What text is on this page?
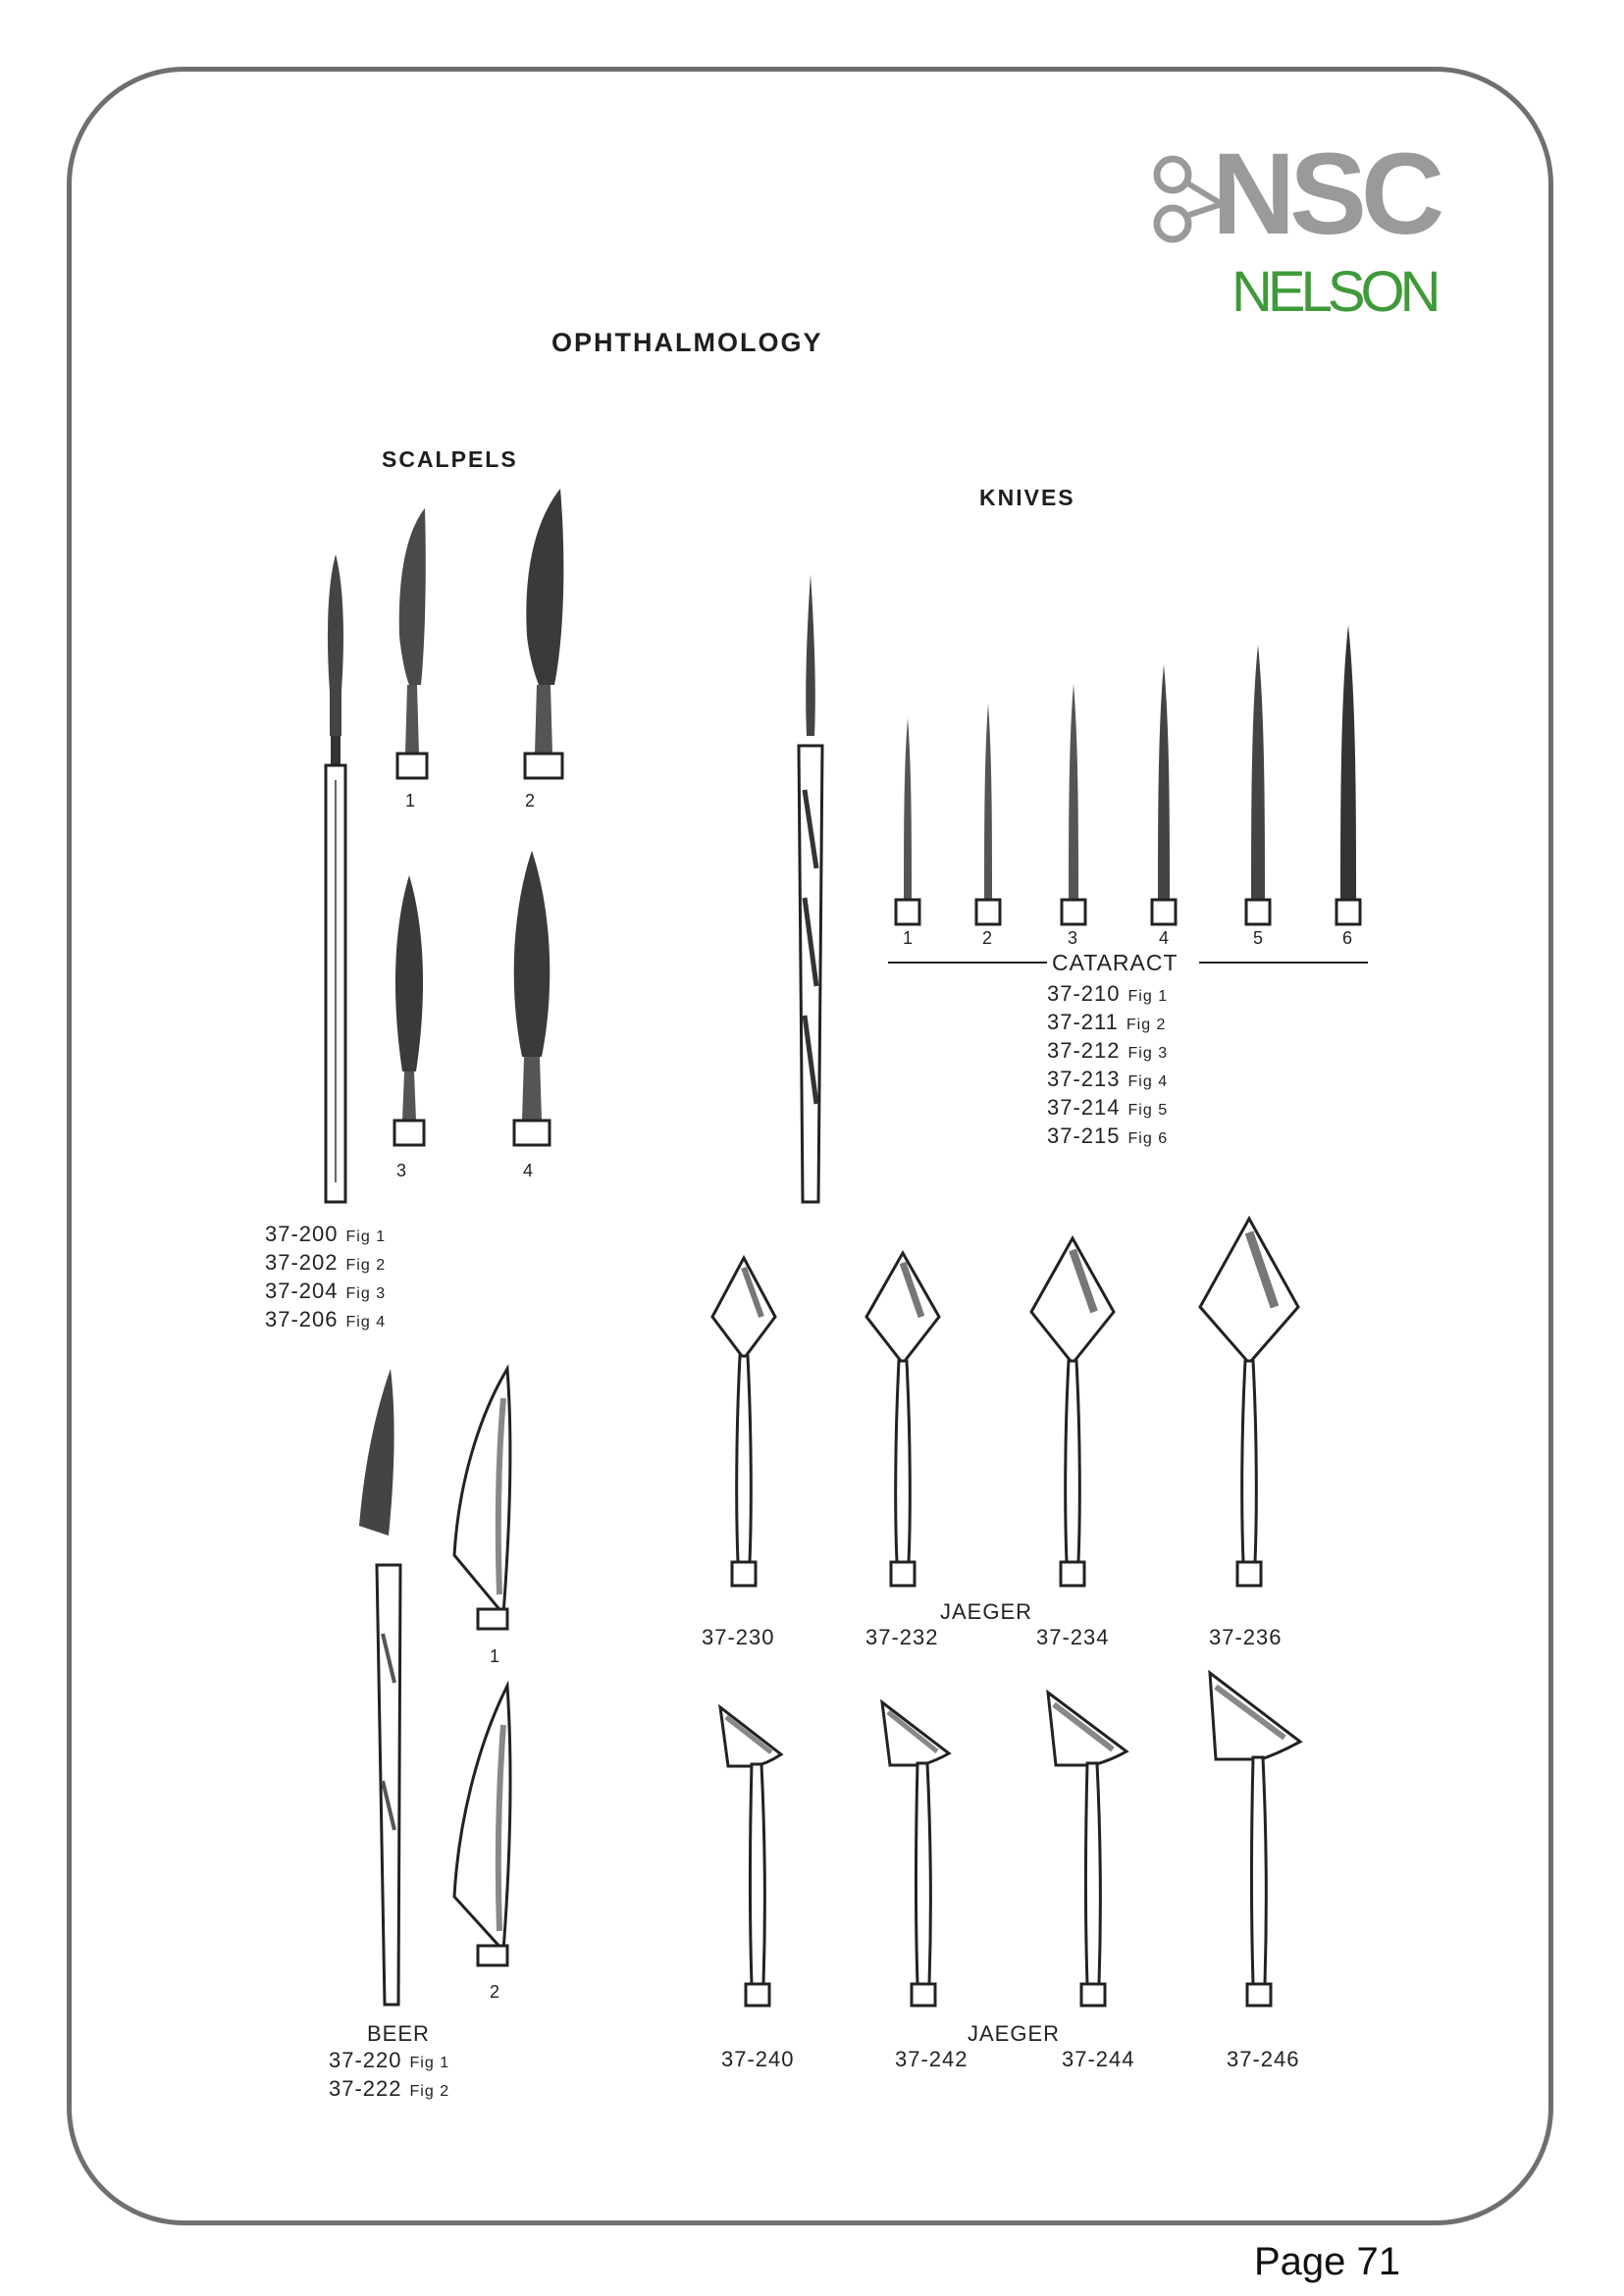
NSC
NELSON
OPHTHALMOLOGY
SCALPELS
KNIVES
1	2
3	4
37-200 Fig 1
37-202 Fig 2
37-204 Fig 3
37-206 Fig 4
1	2	3	4	5	6
CATARACT
37-210 Fig 1
37-211 Fig 2
37-212 Fig 3
37-213 Fig 4
37-214 Fig 5
37-215 Fig 6
1
2
BEER
37-220 Fig 1
37-222 Fig 2
JAEGER
37-230	37-232	37-234	37-236
JAEGER
37-240	37-242	37-244	37-246
Page 71
